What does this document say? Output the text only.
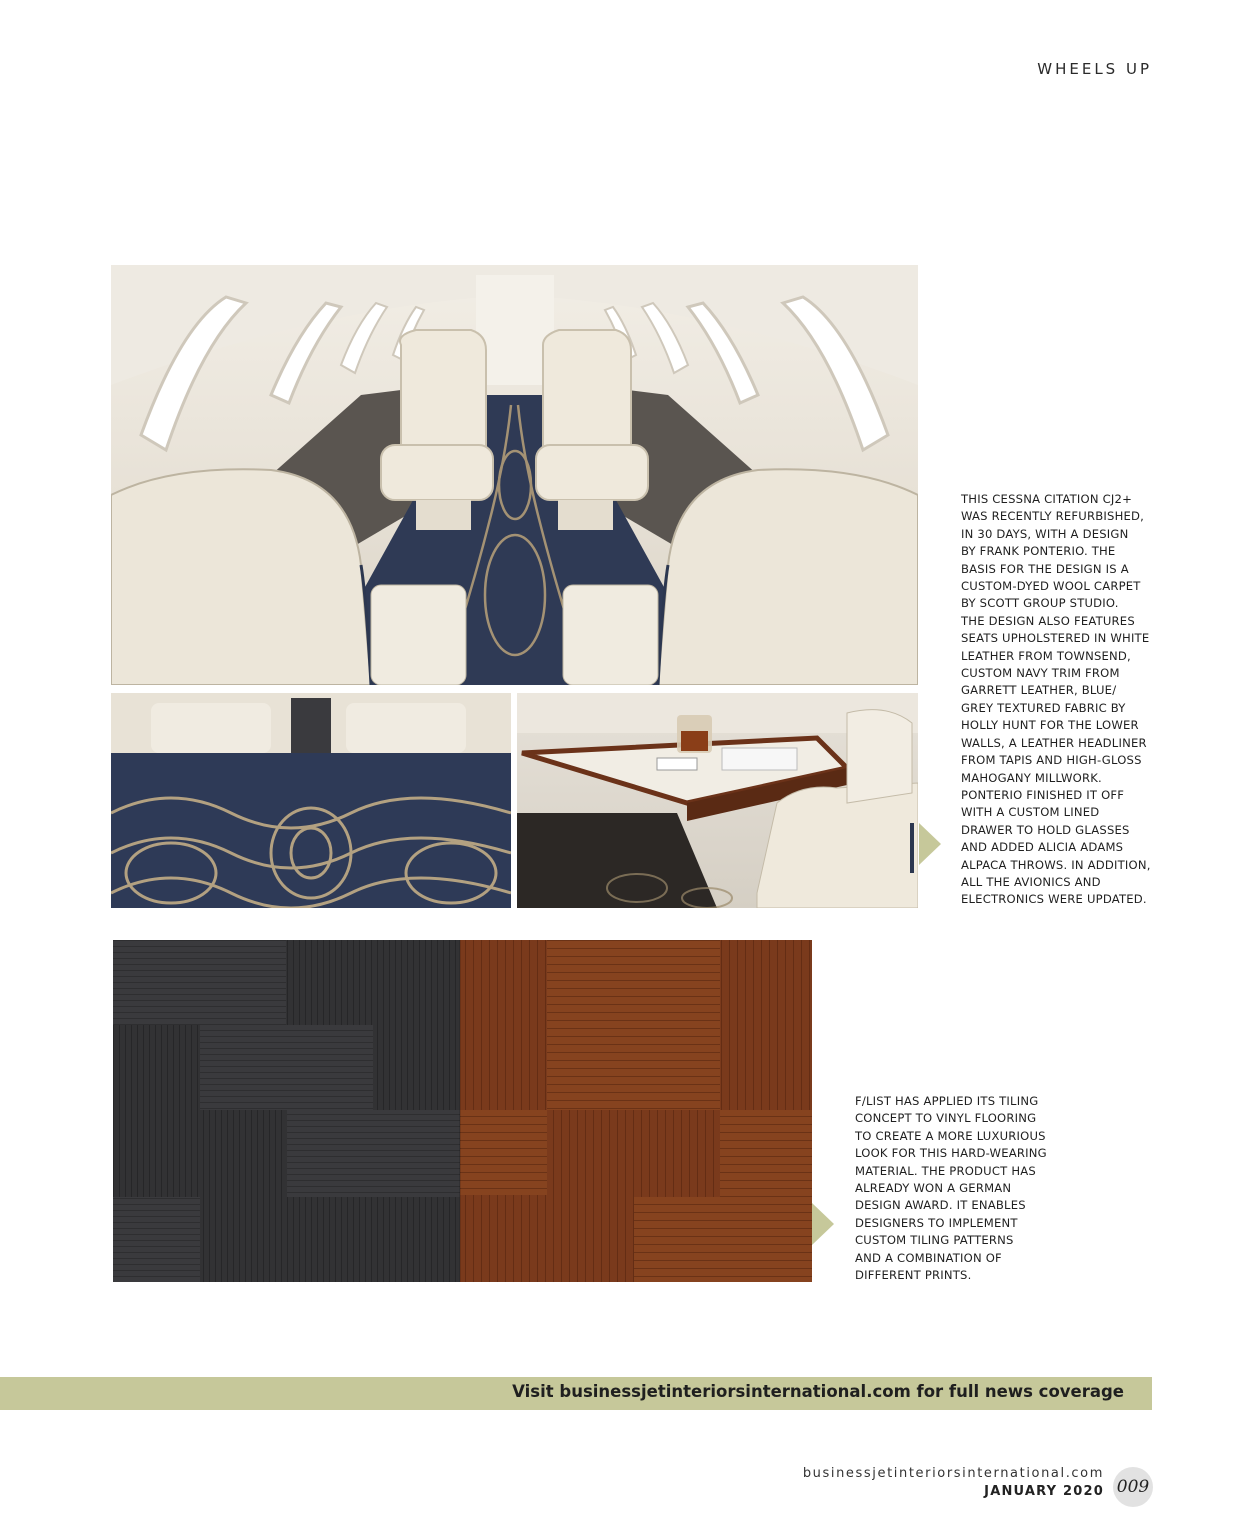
WHEELS UP
THIS CESSNA CITATION CJ2+
WAS RECENTLY REFURBISHED,
IN 30 DAYS, WITH A DESIGN
BY FRANK PONTERIO. THE
BASIS FOR THE DESIGN IS A
CUSTOM-DYED WOOL CARPET
BY SCOTT GROUP STUDIO.
THE DESIGN ALSO FEATURES
SEATS UPHOLSTERED IN WHITE
LEATHER FROM TOWNSEND,
CUSTOM NAVY TRIM FROM
GARRETT LEATHER, BLUE/
GREY TEXTURED FABRIC BY
HOLLY HUNT FOR THE LOWER
WALLS, A LEATHER HEADLINER
FROM TAPIS AND HIGH-GLOSS
MAHOGANY MILLWORK.
PONTERIO FINISHED IT OFF
WITH A CUSTOM LINED
DRAWER TO HOLD GLASSES
AND ADDED ALICIA ADAMS
ALPACA THROWS. IN ADDITION,
ALL THE AVIONICS AND
ELECTRONICS WERE UPDATED.
F/LIST HAS APPLIED ITS TILING
CONCEPT TO VINYL FLOORING
TO CREATE A MORE LUXURIOUS
LOOK FOR THIS HARD-WEARING
MATERIAL. THE PRODUCT HAS
ALREADY WON A GERMAN
DESIGN AWARD. IT ENABLES
DESIGNERS TO IMPLEMENT
CUSTOM TILING PATTERNS
AND A COMBINATION OF
DIFFERENT PRINTS.
Visit businessjetinteriorsinternational.com for full news coverage
businessjetinteriorsinternational.com
JANUARY 2020 009
